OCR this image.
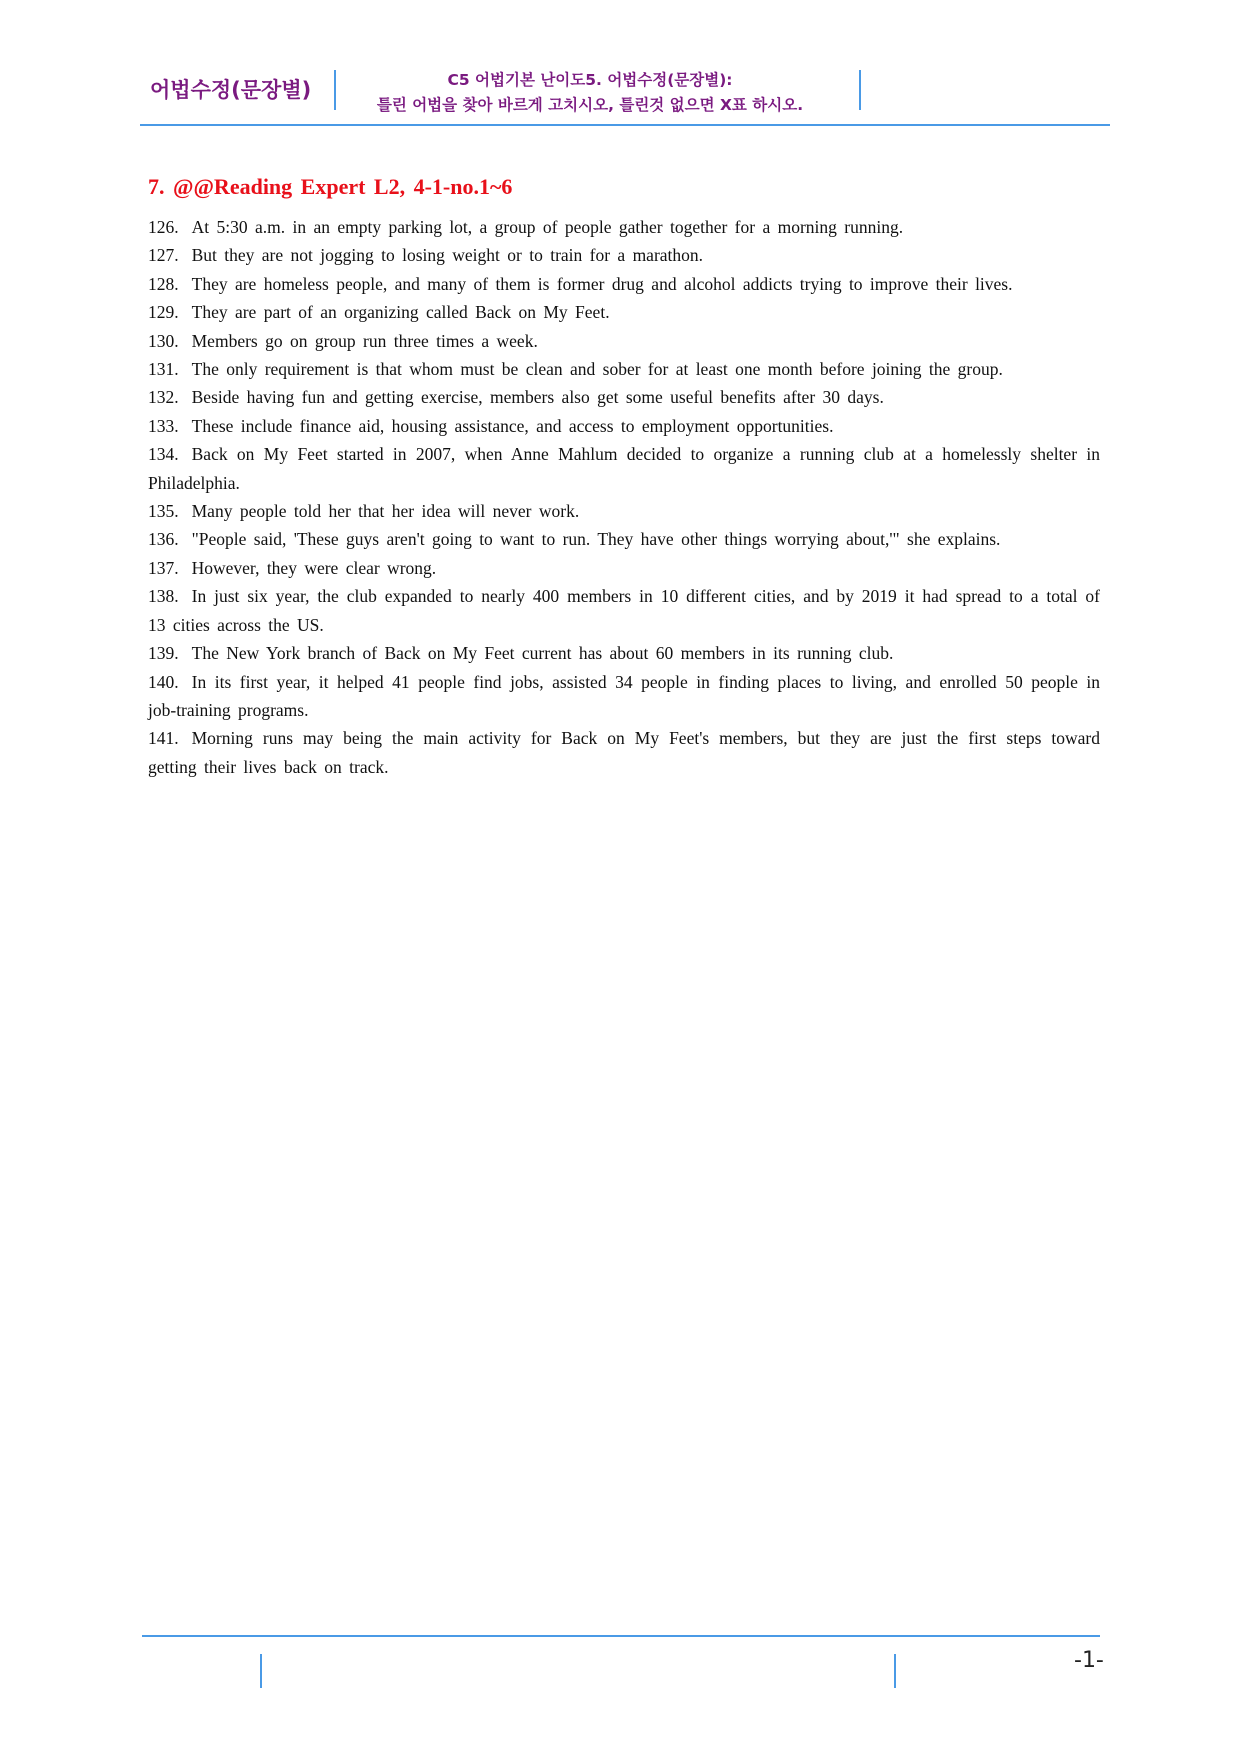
어법수정(문장별)	C5 어법기본 난이도5. 어법수정(문장별):
틀린 어법을 찾아 바르게 고치시오, 틀린것 없으면 X표 하시오.
7. @@Reading Expert L2, 4-1-no.1~6
126. At 5:30 a.m. in an empty parking lot, a group of people gather together for a morning running.
127. But they are not jogging to losing weight or to train for a marathon.
128. They are homeless people, and many of them is former drug and alcohol addicts trying to improve their lives.
129. They are part of an organizing called Back on My Feet.
130. Members go on group run three times a week.
131. The only requirement is that whom must be clean and sober for at least one month before joining the group.
132. Beside having fun and getting exercise, members also get some useful benefits after 30 days.
133. These include finance aid, housing assistance, and access to employment opportunities.
134. Back on My Feet started in 2007, when Anne Mahlum decided to organize a running club at a homelessly shelter in Philadelphia.
135. Many people told her that her idea will never work.
136. "People said, 'These guys aren't going to want to run. They have other things worrying about,'" she explains.
137. However, they were clear wrong.
138. In just six year, the club expanded to nearly 400 members in 10 different cities, and by 2019 it had spread to a total of 13 cities across the US.
139. The New York branch of Back on My Feet current has about 60 members in its running club.
140. In its first year, it helped 41 people find jobs, assisted 34 people in finding places to living, and enrolled 50 people in job-training programs.
141. Morning runs may being the main activity for Back on My Feet's members, but they are just the first steps toward getting their lives back on track.
-1-
